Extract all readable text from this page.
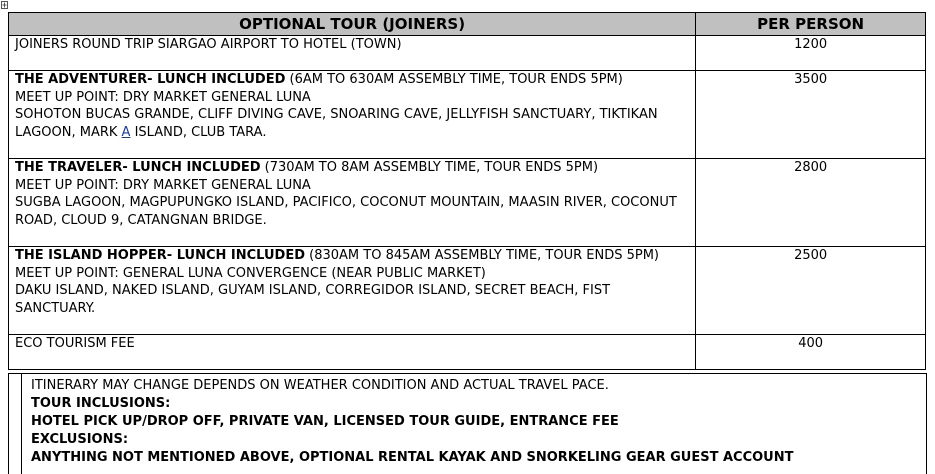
OPTIONAL TOUR (JOINERS)	PER PERSON

JOINERS ROUND TRIP SIARGAO AIRPORT TO HOTEL (TOWN)	1200

THE ADVENTURER- LUNCH INCLUDED (6AM TO 630AM ASSEMBLY TIME, TOUR ENDS 5PM)
MEET UP POINT: DRY MARKET GENERAL LUNA
SOHOTON BUCAS GRANDE, CLIFF DIVING CAVE, SNOARING CAVE, JELLYFISH SANCTUARY, TIKTIKAN LAGOON, MARK A ISLAND, CLUB TARA.	3500

THE TRAVELER- LUNCH INCLUDED (730AM TO 8AM ASSEMBLY TIME, TOUR ENDS 5PM)
MEET UP POINT: DRY MARKET GENERAL LUNA
SUGBA LAGOON, MAGPUPUNGKO ISLAND, PACIFICO, COCONUT MOUNTAIN, MAASIN RIVER, COCONUT ROAD, CLOUD 9, CATANGNAN BRIDGE.	2800

THE ISLAND HOPPER- LUNCH INCLUDED (830AM TO 845AM ASSEMBLY TIME, TOUR ENDS 5PM)
MEET UP POINT: GENERAL LUNA CONVERGENCE (NEAR PUBLIC MARKET)
DAKU ISLAND, NAKED ISLAND, GUYAM ISLAND, CORREGIDOR ISLAND, SECRET BEACH, FIST SANCTUARY.	2500

ECO TOURISM FEE	400
ITINERARY MAY CHANGE DEPENDS ON WEATHER CONDITION AND ACTUAL TRAVEL PACE.
TOUR INCLUSIONS:
HOTEL PICK UP/DROP OFF, PRIVATE VAN, LICENSED TOUR GUIDE, ENTRANCE FEE
EXCLUSIONS:
ANYTHING NOT MENTIONED ABOVE, OPTIONAL RENTAL KAYAK AND SNORKELING GEAR GUEST ACCOUNT
